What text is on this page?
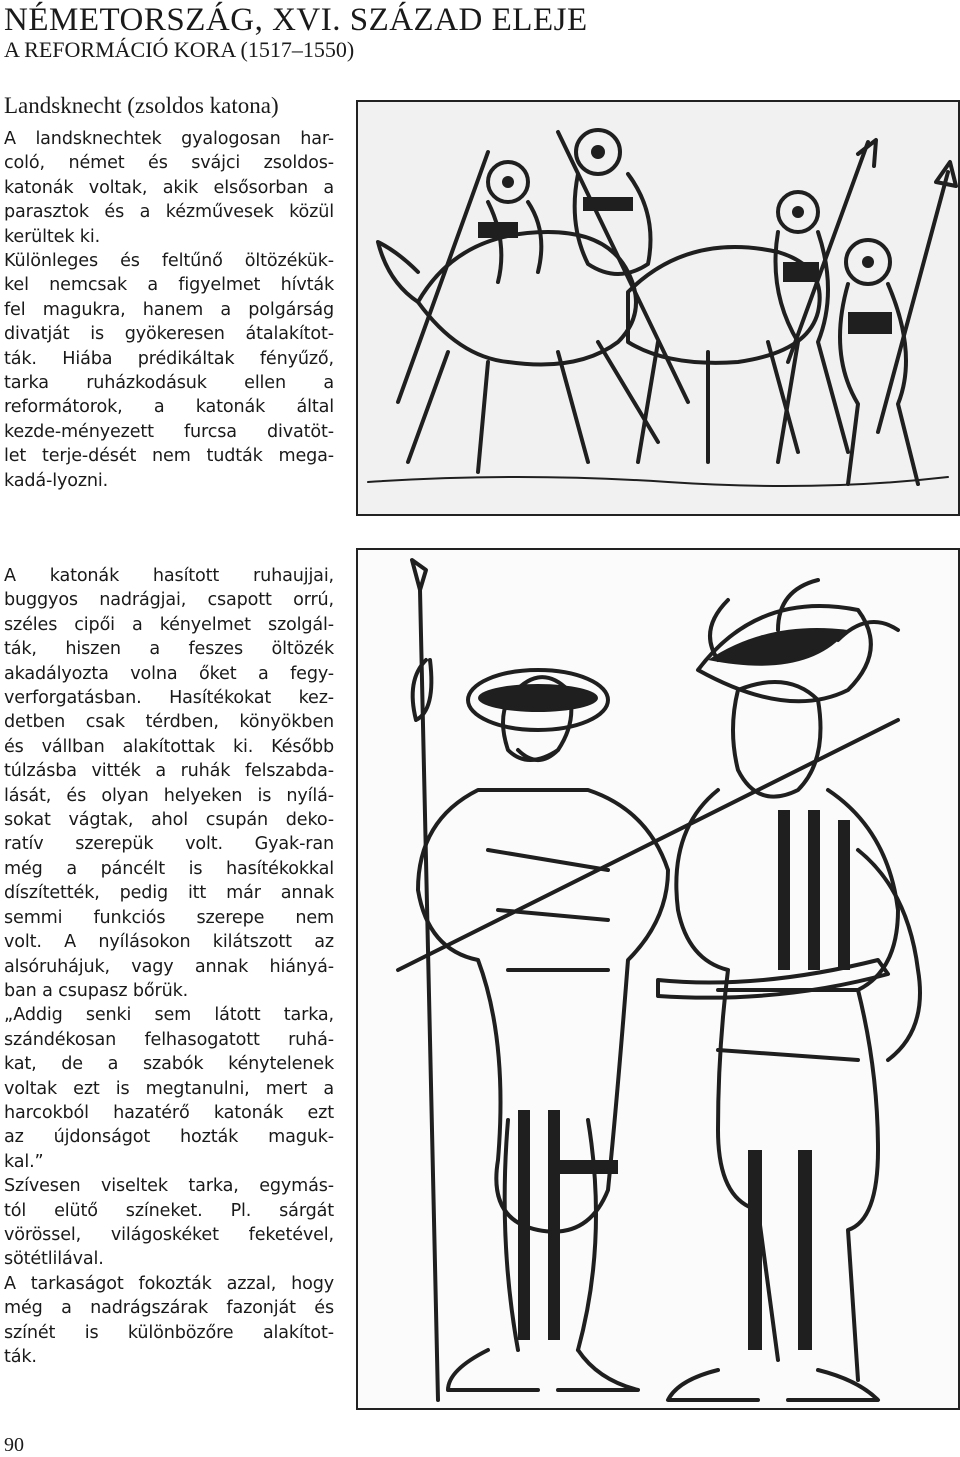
NÉMETORSZÁG, XVI. SZÁZAD ELEJE
A REFORMÁCIÓ KORA (1517–1550)
Landsknecht (zsoldos katona)
A landsknechtek gyalogosan har-
coló, német és svájci zsoldos-
katonák voltak, akik elsősorban a
parasztok és a kézművesek közül
kerültek ki.
Különleges és feltűnő öltözékük-
kel nemcsak a figyelmet hívták
fel magukra, hanem a polgárság
divatját is gyökeresen átalakítot-
ták. Hiába prédikáltak fényűző,
tarka ruházkodásuk ellen a
reformátorok, a katonák által
kezde-ményezett furcsa divatöt-
let terje-dését nem tudták mega-
kadá-lyozni.
A katonák hasított ruhaujjai,
buggyos nadrágjai, csapott orrú,
széles cipői a kényelmet szolgál-
ták, hiszen a feszes öltözék
akadályozta volna őket a fegy-
verforgatásban. Hasítékokat kez-
detben csak térdben, könyökben
és vállban alakítottak ki. Később
túlzásba vitték a ruhák felszabda-
lását, és olyan helyeken is nyílá-
sokat vágtak, ahol csupán deko-
ratív szerepük volt. Gyak-ran
még a páncélt is hasítékokkal
díszítették, pedig itt már annak
semmi funkciós szerepe nem
volt. A nyílásokon kilátszott az
alsóruhájuk, vagy annak hiányá-
ban a csupasz bőrük.
„Addig senki sem látott tarka,
szándékosan felhasogatott ruhá-
kat, de a szabók kénytelenek
voltak ezt is megtanulni, mert a
harcokból hazatérő katonák ezt
az újdonságot hozták maguk-
kal.”
Szívesen viseltek tarka, egymás-
tól elütő színeket. Pl. sárgát
vörössel, világoskéket feketével,
sötétlilával.
A tarkaságot fokozták azzal, hogy
még a nadrágszárak fazonját és
színét is különbözőre alakítot-
ták.
90
